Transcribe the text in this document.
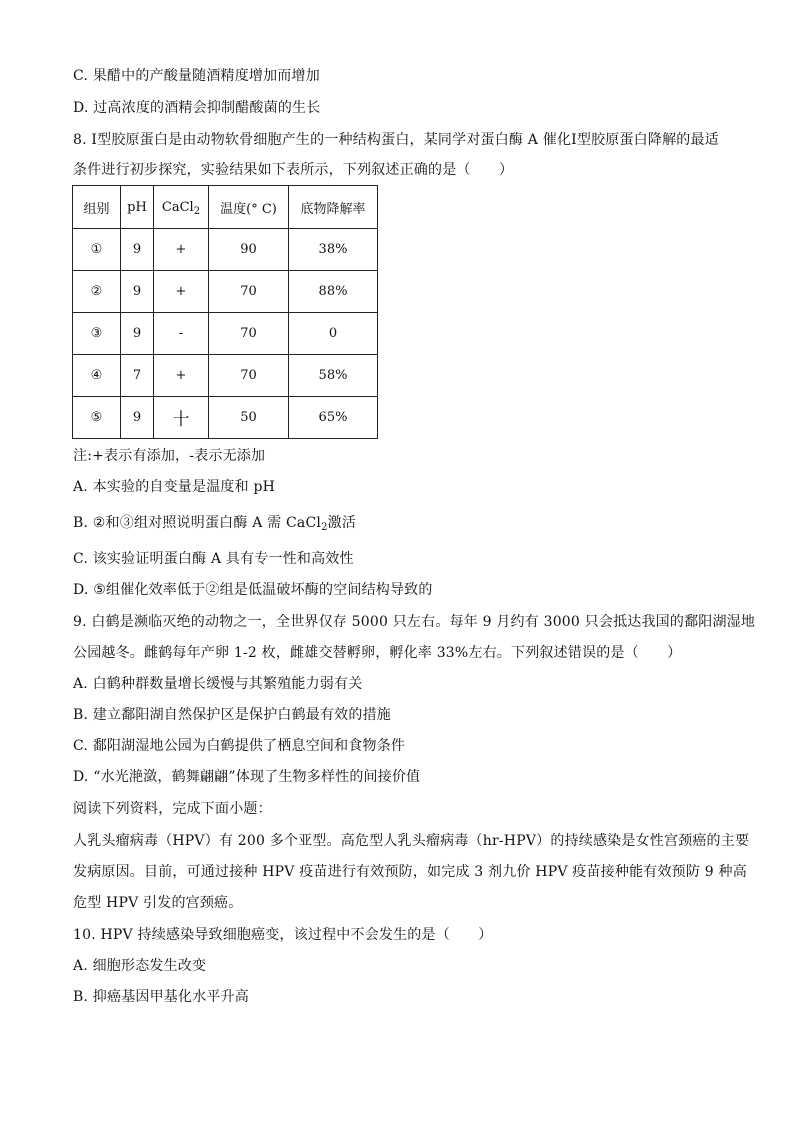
C. 果醋中的产酸量随酒精度增加而增加
D. 过高浓度的酒精会抑制醋酸菌的生长
8. Ⅰ型胶原蛋白是由动物软骨细胞产生的一种结构蛋白，某同学对蛋白酶 A 催化Ⅰ型胶原蛋白降解的最适
条件进行初步探究，实验结果如下表所示，下列叙述正确的是（　　）
组别	pH	CaCl$_2$	温度(° C)	底物降解率
①	9	+	90	38%
②	9	+	70	88%
③	9	-	70	0
④	7	+	70	58%
⑤	9	十	50	65%
注:+表示有添加，-表示无添加
A. 本实验的自变量是温度和 pH
B. ②和③组对照说明蛋白酶 A 需 CaCl$_2$激活
C. 该实验证明蛋白酶 A 具有专一性和高效性
D. ⑤组催化效率低于②组是低温破坏酶的空间结构导致的
9. 白鹤是濒临灭绝的动物之一，全世界仅存 5000 只左右。每年 9 月约有 3000 只会抵达我国的鄱阳湖湿地
公园越冬。雌鹤每年产卵 1-2 枚，雌雄交替孵卵，孵化率 33%左右。下列叙述错误的是（　　）
A. 白鹤种群数量增长缓慢与其繁殖能力弱有关
B. 建立鄱阳湖自然保护区是保护白鹤最有效的措施
C. 鄱阳湖湿地公园为白鹤提供了栖息空间和食物条件
D. “水光滟潋，鹤舞翩翩”体现了生物多样性的间接价值
阅读下列资料，完成下面小题：
人乳头瘤病毒（HPV）有 200 多个亚型。高危型人乳头瘤病毒（hr-HPV）的持续感染是女性宫颈癌的主要
发病原因。目前，可通过接种 HPV 疫苗进行有效预防，如完成 3 剂九价 HPV 疫苗接种能有效预防 9 种高
危型 HPV 引发的宫颈癌。
10. HPV 持续感染导致细胞癌变，该过程中不会发生的是（　　）
A. 细胞形态发生改变
B. 抑癌基因甲基化水平升高
